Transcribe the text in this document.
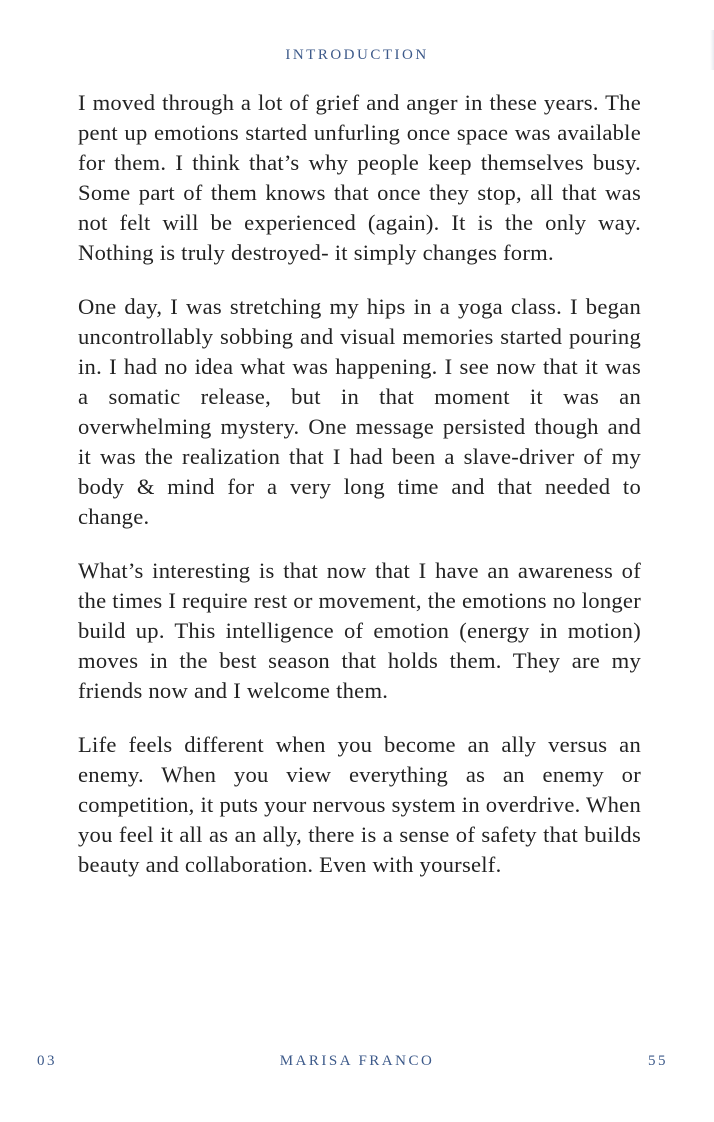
INTRODUCTION

I moved through a lot of grief and anger in these years. The pent up emotions started unfurling once space was available for them. I think that’s why people keep themselves busy. Some part of them knows that once they stop, all that was not felt will be experienced (again). It is the only way. Nothing is truly destroyed- it simply changes form.

One day, I was stretching my hips in a yoga class. I began uncontrollably sobbing and visual memories started pouring in. I had no idea what was happening. I see now that it was a somatic release, but in that moment it was an overwhelming mystery. One message persisted though and it was the realization that I had been a slave-driver of my body & mind for a very long time and that needed to change.

What’s interesting is that now that I have an awareness of the times I require rest or movement, the emotions no longer build up. This intelligence of emotion (energy in motion) moves in the best season that holds them. They are my friends now and I welcome them.

Life feels different when you become an ally versus an enemy. When you view everything as an enemy or competition, it puts your nervous system in overdrive. When you feel it all as an ally, there is a sense of safety that builds beauty and collaboration. Even with yourself.

03	MARISA FRANCO	55
